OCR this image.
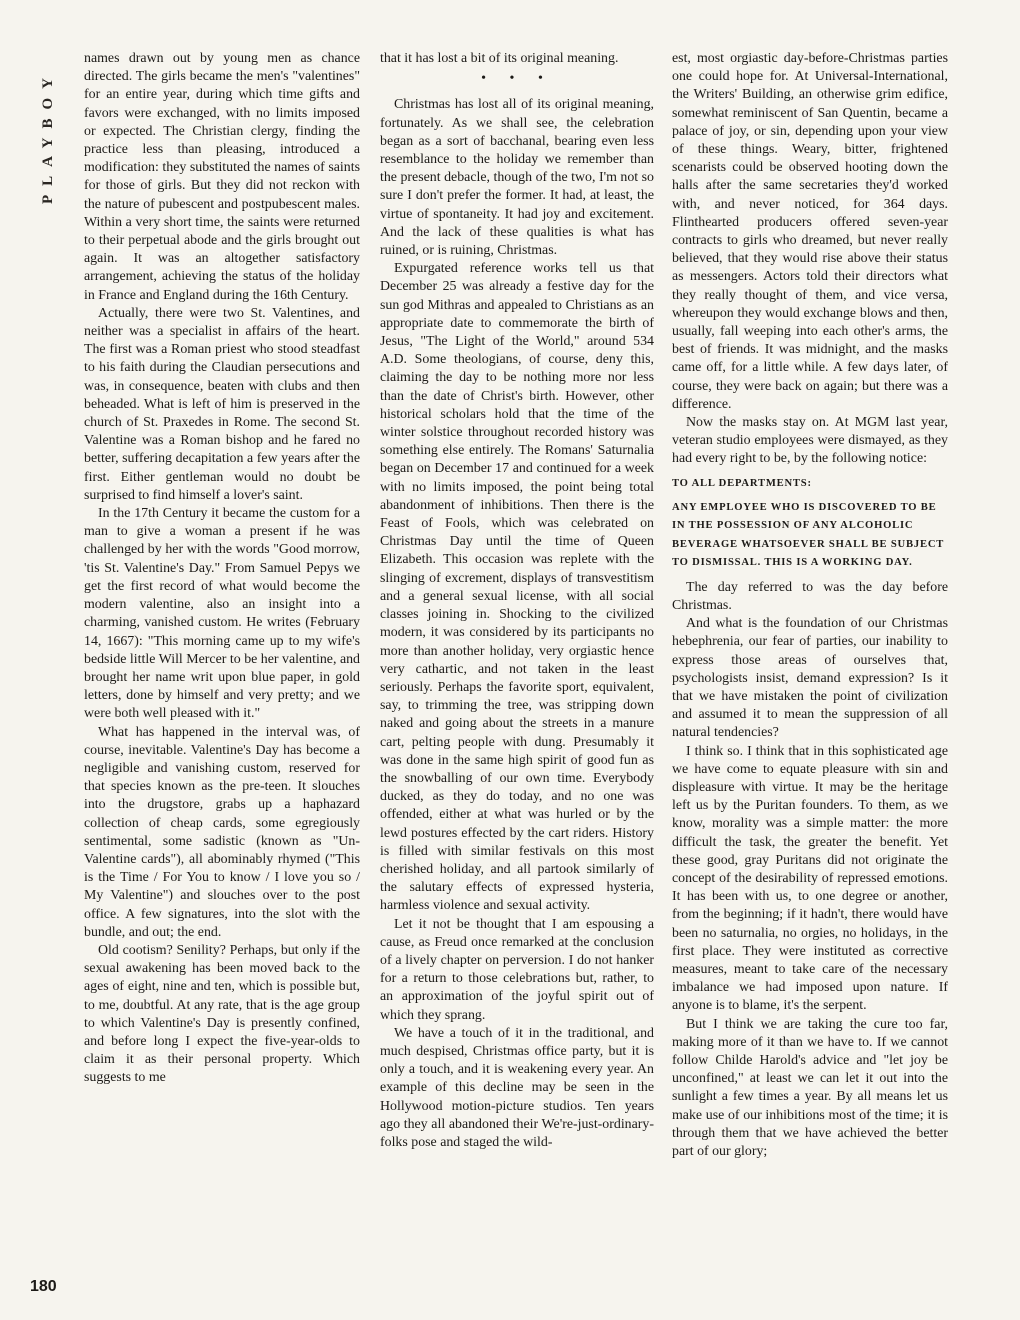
PLAYBOY
180

names drawn out by young men as chance directed. The girls became the men's "valentines" for an entire year, during which time gifts and favors were exchanged, with no limits imposed or expected. The Christian clergy, finding the practice less than pleasing, introduced a modification: they substituted the names of saints for those of girls. But they did not reckon with the nature of pubescent and postpubescent males. Within a very short time, the saints were returned to their perpetual abode and the girls brought out again. It was an altogether satisfactory arrangement, achieving the status of the holiday in France and England during the 16th Century.

Actually, there were two St. Valentines, and neither was a specialist in affairs of the heart. The first was a Roman priest who stood steadfast to his faith during the Claudian persecutions and was, in consequence, beaten with clubs and then beheaded. What is left of him is preserved in the church of St. Praxedes in Rome. The second St. Valentine was a Roman bishop and he fared no better, suffering decapitation a few years after the first. Either gentleman would no doubt be surprised to find himself a lover's saint.

In the 17th Century it became the custom for a man to give a woman a present if he was challenged by her with the words "Good morrow, 'tis St. Valentine's Day." From Samuel Pepys we get the first record of what would become the modern valentine, also an insight into a charming, vanished custom. He writes (February 14, 1667): "This morning came up to my wife's bedside little Will Mercer to be her valentine, and brought her name writ upon blue paper, in gold letters, done by himself and very pretty; and we were both well pleased with it."

What has happened in the interval was, of course, inevitable. Valentine's Day has become a negligible and vanishing custom, reserved for that species known as the pre-teen. It slouches into the drugstore, grabs up a haphazard collection of cheap cards, some egregiously sentimental, some sadistic (known as "Un-Valentine cards"), all abominably rhymed ("This is the Time / For You to know / I love you so / My Valentine") and slouches over to the post office. A few signatures, into the slot with the bundle, and out; the end.

Old cootism? Senility? Perhaps, but only if the sexual awakening has been moved back to the ages of eight, nine and ten, which is possible but, to me, doubtful. At any rate, that is the age group to which Valentine's Day is presently confined, and before long I expect the five-year-olds to claim it as their personal property. Which suggests to me

that it has lost a bit of its original meaning.

• • •

Christmas has lost all of its original meaning, fortunately. As we shall see, the celebration began as a sort of bacchanal, bearing even less resemblance to the holiday we remember than the present debacle, though of the two, I'm not so sure I don't prefer the former. It had, at least, the virtue of spontaneity. It had joy and excitement. And the lack of these qualities is what has ruined, or is ruining, Christmas.

Expurgated reference works tell us that December 25 was already a festive day for the sun god Mithras and appealed to Christians as an appropriate date to commemorate the birth of Jesus, "The Light of the World," around 534 A.D. Some theologians, of course, deny this, claiming the day to be nothing more nor less than the date of Christ's birth. However, other historical scholars hold that the time of the winter solstice throughout recorded history was something else entirely. The Romans' Saturnalia began on December 17 and continued for a week with no limits imposed, the point being total abandonment of inhibitions. Then there is the Feast of Fools, which was celebrated on Christmas Day until the time of Queen Elizabeth. This occasion was replete with the slinging of excrement, displays of transvestitism and a general sexual license, with all social classes joining in. Shocking to the civilized modern, it was considered by its participants no more than another holiday, very orgiastic hence very cathartic, and not taken in the least seriously. Perhaps the favorite sport, equivalent, say, to trimming the tree, was stripping down naked and going about the streets in a manure cart, pelting people with dung. Presumably it was done in the same high spirit of good fun as the snowballing of our own time. Everybody ducked, as they do today, and no one was offended, either at what was hurled or by the lewd postures effected by the cart riders. History is filled with similar festivals on this most cherished holiday, and all partook similarly of the salutary effects of expressed hysteria, harmless violence and sexual activity.

Let it not be thought that I am espousing a cause, as Freud once remarked at the conclusion of a lively chapter on perversion. I do not hanker for a return to those celebrations but, rather, to an approximation of the joyful spirit out of which they sprang.

We have a touch of it in the traditional, and much despised, Christmas office party, but it is only a touch, and it is weakening every year. An example of this decline may be seen in the Hollywood motion-picture studios. Ten years ago they all abandoned their We're-just-ordinary-folks pose and staged the wild-

est, most orgiastic day-before-Christmas parties one could hope for. At Universal-International, the Writers' Building, an otherwise grim edifice, somewhat reminiscent of San Quentin, became a palace of joy, or sin, depending upon your view of these things. Weary, bitter, frightened scenarists could be observed hooting down the halls after the same secretaries they'd worked with, and never noticed, for 364 days. Flinthearted producers offered seven-year contracts to girls who dreamed, but never really believed, that they would rise above their status as messengers. Actors told their directors what they really thought of them, and vice versa, whereupon they would exchange blows and then, usually, fall weeping into each other's arms, the best of friends. It was midnight, and the masks came off, for a little while. A few days later, of course, they were back on again; but there was a difference.

Now the masks stay on. At MGM last year, veteran studio employees were dismayed, as they had every right to be, by the following notice:

TO ALL DEPARTMENTS:
ANY EMPLOYEE WHO IS DISCOVERED TO BE IN THE POSSESSION OF ANY ALCOHOLIC BEVERAGE WHATSOEVER SHALL BE SUBJECT TO DISMISSAL. THIS IS A WORKING DAY.

The day referred to was the day before Christmas.

And what is the foundation of our Christmas hebephrenia, our fear of parties, our inability to express those areas of ourselves that, psychologists insist, demand expression? Is it that we have mistaken the point of civilization and assumed it to mean the suppression of all natural tendencies?

I think so. I think that in this sophisticated age we have come to equate pleasure with sin and displeasure with virtue. It may be the heritage left us by the Puritan founders. To them, as we know, morality was a simple matter: the more difficult the task, the greater the benefit. Yet these good, gray Puritans did not originate the concept of the desirability of repressed emotions. It has been with us, to one degree or another, from the beginning; if it hadn't, there would have been no saturnalia, no orgies, no holidays, in the first place. They were instituted as corrective measures, meant to take care of the necessary imbalance we had imposed upon nature. If anyone is to blame, it's the serpent.

But I think we are taking the cure too far, making more of it than we have to. If we cannot follow Childe Harold's advice and "let joy be unconfined," at least we can let it out into the sunlight a few times a year. By all means let us make use of our inhibitions most of the time; it is through them that we have achieved the better part of our glory;
